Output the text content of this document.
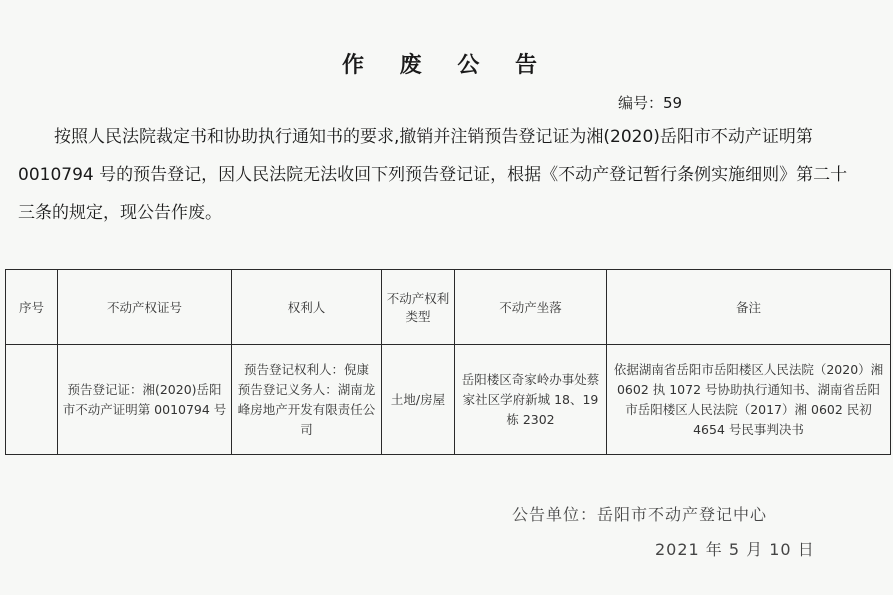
作 废 公 告
编号：59
按照人民法院裁定书和协助执行通知书的要求,撤销并注销预告登记证为湘(2020)岳阳市不动产证明第 0010794 号的预告登记，因人民法院无法收回下列预告登记证，根据《不动产登记暂行条例实施细则》第二十三条的规定，现公告作废。
序号	不动产权证号	权利人	不动产权利类型	不动产坐落	备注
	预告登记证：湘(2020)岳阳市不动产证明第 0010794 号	预告登记权利人：倪康 预告登记义务人：湖南龙峰房地产开发有限责任公司	土地/房屋	岳阳楼区奇家岭办事处蔡家社区学府新城 18、19 栋 2302	依据湖南省岳阳市岳阳楼区人民法院（2020）湘 0602 执 1072 号协助执行通知书、湖南省岳阳市岳阳楼区人民法院（2017）湘 0602 民初 4654 号民事判决书
公告单位：岳阳市不动产登记中心
2021 年 5 月 10 日
